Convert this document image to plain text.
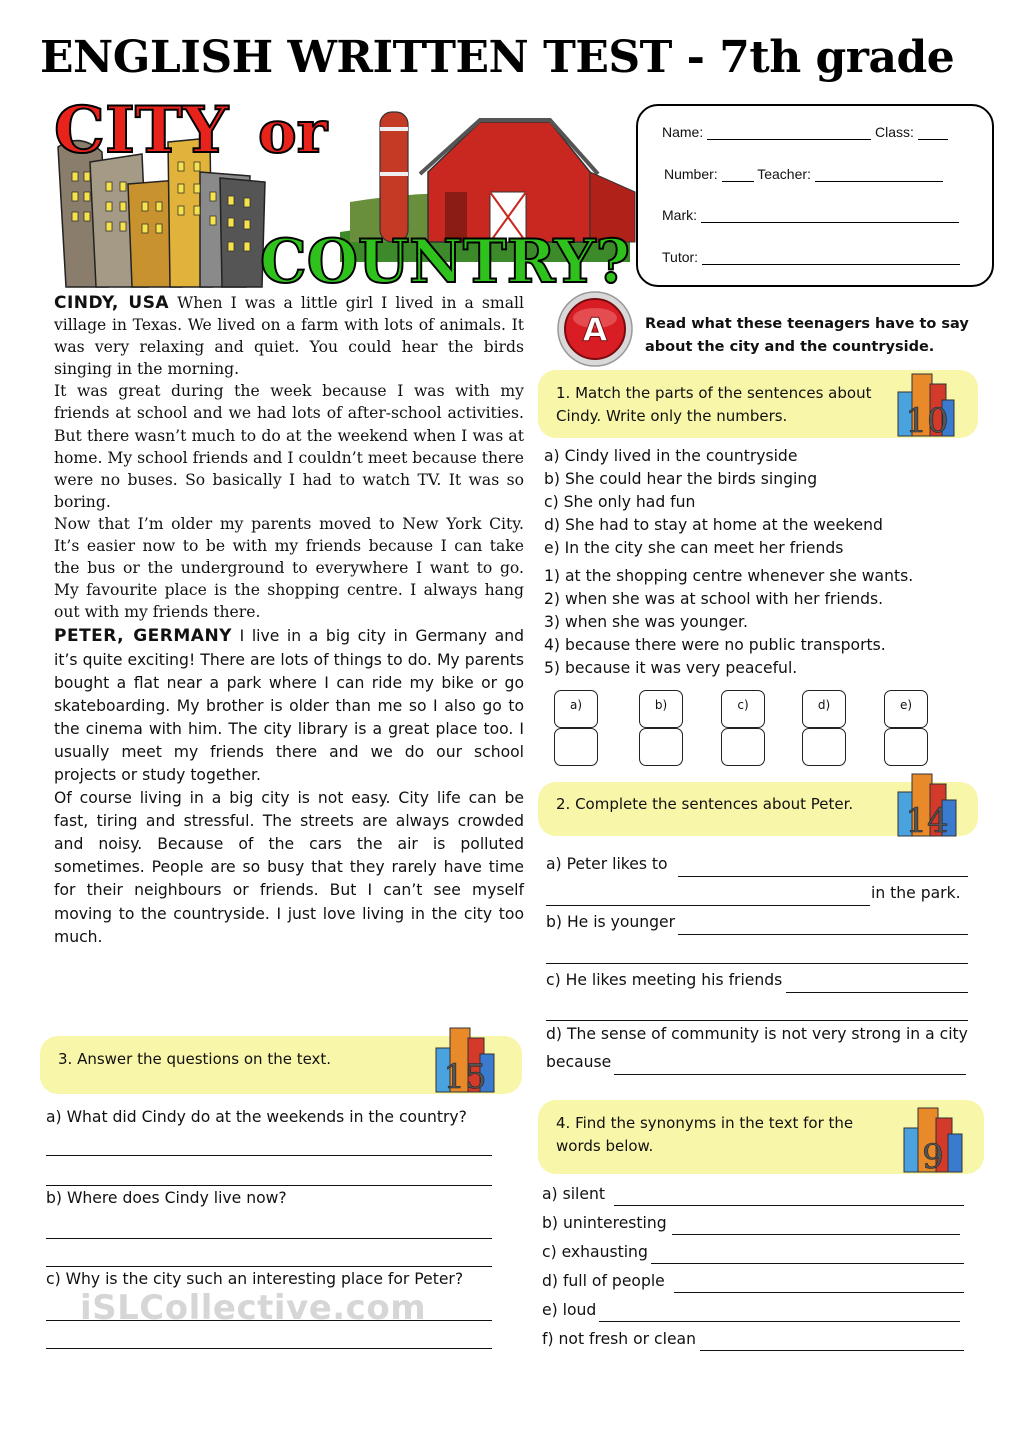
ENGLISH WRITTEN TEST - 7th grade
CITY or
COUNTRY?
Name:	Class:
Number:	Teacher:
Mark:
Tutor:
CINDY, USA When I was a little girl I lived in a small village in Texas. We lived on a farm with lots of animals. It was very relaxing and quiet. You could hear the birds singing in the morning.
It was great during the week because I was with my friends at school and we had lots of after-school activities. But there wasn’t much to do at the weekend when I was at home. My school friends and I couldn’t meet because there were no buses. So basically I had to watch TV. It was so boring.
Now that I’m older my parents moved to New York City. It’s easier now to be with my friends because I can take the bus or the underground to everywhere I want to go. My favourite place is the shopping centre. I always hang out with my friends there.
PETER, GERMANY I live in a big city in Germany and it’s quite exciting! There are lots of things to do. My parents bought a flat near a park where I can ride my bike or go skateboarding. My brother is older than me so I also go to the cinema with him. The city library is a great place too. I usually meet my friends there and we do our school projects or study together.
Of course living in a big city is not easy. City life can be fast, tiring and stressful. The streets are always crowded and noisy. Because of the cars the air is polluted sometimes. People are so busy that they rarely have time for their neighbours or friends. But I can’t see myself moving to the countryside. I just love living in the city too much.
A	Read what these teenagers have to say about the city and the countryside.
1. Match the parts of the sentences about Cindy. Write only the numbers.	10
a) Cindy lived in the countryside
b) She could hear the birds singing
c) She only had fun
d) She had to stay at home at the weekend
e) In the city she can meet her friends
1) at the shopping centre whenever she wants.
2) when she was at school with her friends.
3) when she was younger.
4) because there were no public transports.
5) because it was very peaceful.
a)	b)	c)	d)	e)
2. Complete the sentences about Peter. 14
a) Peter likes to
in the park.
b) He is younger
c) He likes meeting his friends
d) The sense of community is not very strong in a city
because
3. Answer the questions on the text.	15
a) What did Cindy do at the weekends in the country?
b) Where does Cindy live now?
c) Why is the city such an interesting place for Peter?
4. Find the synonyms in the text for the words below.	9
a) silent
b) uninteresting
c) exhausting
d) full of people
e) loud
f) not fresh or clean
iSLCollective.com
